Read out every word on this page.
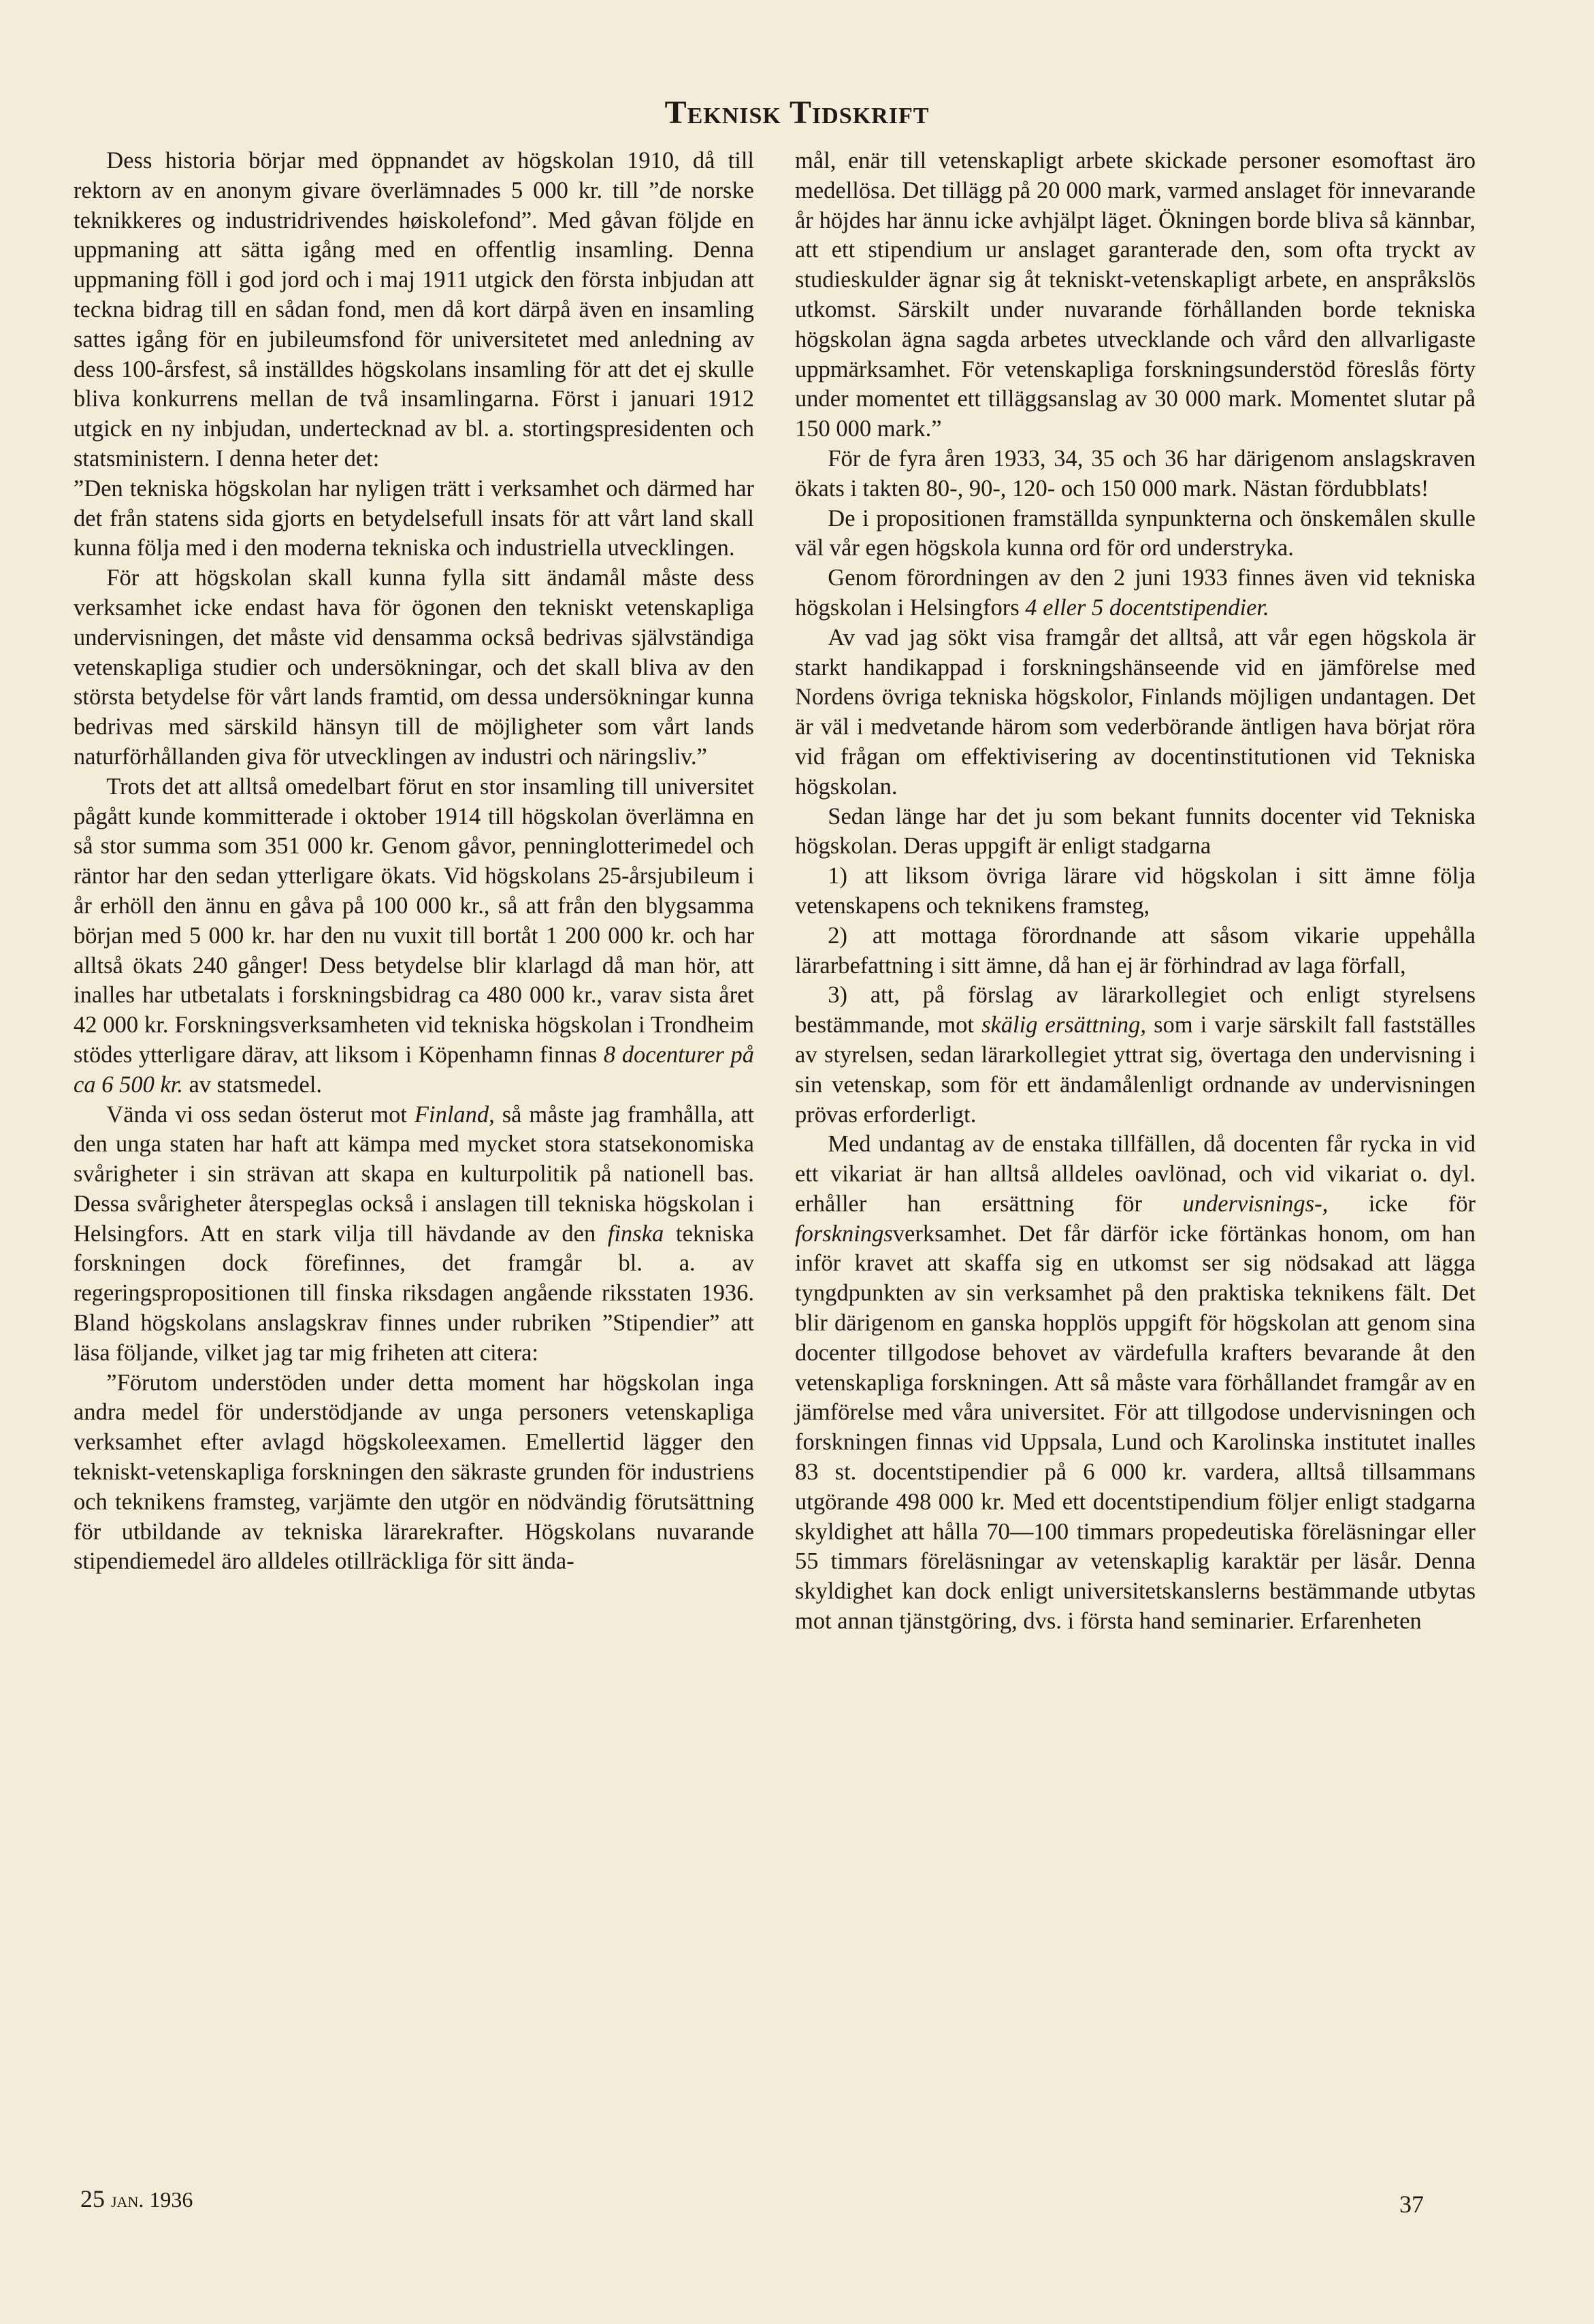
Teknisk Tidskrift

Dess historia börjar med öppnandet av högskolan 1910, då till rektorn av en anonym givare överlämnades 5 000 kr. till ”de norske teknikkeres og industridrivendes høiskolefond”. Med gåvan följde en uppmaning att sätta igång med en offentlig insamling. Denna uppmaning föll i god jord och i maj 1911 utgick den första inbjudan att teckna bidrag till en sådan fond, men då kort därpå även en insamling sattes igång för en jubileumsfond för universitetet med anledning av dess 100-årsfest, så inställdes högskolans insamling för att det ej skulle bliva konkurrens mellan de två insamlingarna. Först i januari 1912 utgick en ny inbjudan, undertecknad av bl. a. stortingspresidenten och statsministern. I denna heter det:

”Den tekniska högskolan har nyligen trätt i verksamhet och därmed har det från statens sida gjorts en betydelsefull insats för att vårt land skall kunna följa med i den moderna tekniska och industriella utvecklingen.

För att högskolan skall kunna fylla sitt ändamål måste dess verksamhet icke endast hava för ögonen den tekniskt vetenskapliga undervisningen, det måste vid densamma också bedrivas självständiga vetenskapliga studier och undersökningar, och det skall bliva av den största betydelse för vårt lands framtid, om dessa undersökningar kunna bedrivas med särskild hänsyn till de möjligheter som vårt lands naturförhållanden giva för utvecklingen av industri och näringsliv.”

Trots det att alltså omedelbart förut en stor insamling till universitet pågått kunde kommitterade i oktober 1914 till högskolan överlämna en så stor summa som 351 000 kr. Genom gåvor, penninglotterimedel och räntor har den sedan ytterligare ökats. Vid högskolans 25-årsjubileum i år erhöll den ännu en gåva på 100 000 kr., så att från den blygsamma början med 5 000 kr. har den nu vuxit till bortåt 1 200 000 kr. och har alltså ökats 240 gånger! Dess betydelse blir klarlagd då man hör, att inalles har utbetalats i forskningsbidrag ca 480 000 kr., varav sista året 42 000 kr. Forskningsverksamheten vid tekniska högskolan i Trondheim stödes ytterligare därav, att liksom i Köpenhamn finnas 8 docenturer på ca 6 500 kr. av statsmedel.

Vända vi oss sedan österut mot Finland, så måste jag framhålla, att den unga staten har haft att kämpa med mycket stora statsekonomiska svårigheter i sin strävan att skapa en kulturpolitik på nationell bas. Dessa svårigheter återspeglas också i anslagen till tekniska högskolan i Helsingfors. Att en stark vilja till hävdande av den finska tekniska forskningen dock förefinnes, det framgår bl. a. av regeringspropositionen till finska riksdagen angående riksstaten 1936. Bland högskolans anslagskrav finnes under rubriken ”Stipendier” att läsa följande, vilket jag tar mig friheten att citera:

”Förutom understöden under detta moment har högskolan inga andra medel för understödjande av unga personers vetenskapliga verksamhet efter avlagd högskoleexamen. Emellertid lägger den tekniskt-vetenskapliga forskningen den säkraste grunden för industriens och teknikens framsteg, varjämte den utgör en nödvändig förutsättning för utbildande av tekniska lärarekrafter. Högskolans nuvarande stipendiemedel äro alldeles otillräckliga för sitt ända-

mål, enär till vetenskapligt arbete skickade personer esomoftast äro medellösa. Det tillägg på 20 000 mark, varmed anslaget för innevarande år höjdes har ännu icke avhjälpt läget. Ökningen borde bliva så kännbar, att ett stipendium ur anslaget garanterade den, som ofta tryckt av studieskulder ägnar sig åt tekniskt-vetenskapligt arbete, en anspråkslös utkomst. Särskilt under nuvarande förhållanden borde tekniska högskolan ägna sagda arbetes utvecklande och vård den allvarligaste uppmärksamhet. För vetenskapliga forskningsunderstöd föreslås förty under momentet ett tilläggsanslag av 30 000 mark. Momentet slutar på 150 000 mark.”

För de fyra åren 1933, 34, 35 och 36 har därigenom anslagskraven ökats i takten 80-, 90-, 120- och 150 000 mark. Nästan fördubblats!

De i propositionen framställda synpunkterna och önskemålen skulle väl vår egen högskola kunna ord för ord understryka.

Genom förordningen av den 2 juni 1933 finnes även vid tekniska högskolan i Helsingfors 4 eller 5 docentstipendier.

Av vad jag sökt visa framgår det alltså, att vår egen högskola är starkt handikappad i forskningshänseende vid en jämförelse med Nordens övriga tekniska högskolor, Finlands möjligen undantagen. Det är väl i medvetande härom som vederbörande äntligen hava börjat röra vid frågan om effektivisering av docentinstitutionen vid Tekniska högskolan.

Sedan länge har det ju som bekant funnits docenter vid Tekniska högskolan. Deras uppgift är enligt stadgarna

1) att liksom övriga lärare vid högskolan i sitt ämne följa vetenskapens och teknikens framsteg,

2) att mottaga förordnande att såsom vikarie uppehålla lärarbefattning i sitt ämne, då han ej är förhindrad av laga förfall,

3) att, på förslag av lärarkollegiet och enligt styrelsens bestämmande, mot skälig ersättning, som i varje särskilt fall fastställes av styrelsen, sedan lärarkollegiet yttrat sig, övertaga den undervisning i sin vetenskap, som för ett ändamålenligt ordnande av undervisningen prövas erforderligt.

Med undantag av de enstaka tillfällen, då docenten får rycka in vid ett vikariat är han alltså alldeles oavlönad, och vid vikariat o. dyl. erhåller han ersättning för undervisnings-, icke för forskningsverksamhet. Det får därför icke förtänkas honom, om han inför kravet att skaffa sig en utkomst ser sig nödsakad att lägga tyngdpunkten av sin verksamhet på den praktiska teknikens fält. Det blir därigenom en ganska hopplös uppgift för högskolan att genom sina docenter tillgodose behovet av värdefulla krafters bevarande åt den vetenskapliga forskningen. Att så måste vara förhållandet framgår av en jämförelse med våra universitet. För att tillgodose undervisningen och forskningen finnas vid Uppsala, Lund och Karolinska institutet inalles 83 st. docentstipendier på 6 000 kr. vardera, alltså tillsammans utgörande 498 000 kr. Med ett docentstipendium följer enligt stadgarna skyldighet att hålla 70—100 timmars propedeutiska föreläsningar eller 55 timmars föreläsningar av vetenskaplig karaktär per läsår. Denna skyldighet kan dock enligt universitetskanslerns bestämmande utbytas mot annan tjänstgöring, dvs. i första hand seminarier. Erfarenheten

25 jan. 1936	37
